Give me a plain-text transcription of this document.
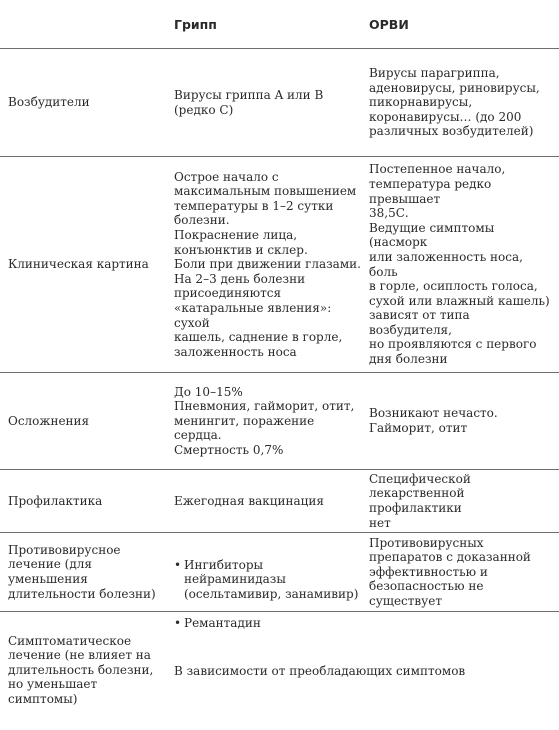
Грипп	ОРВИ
Возбудители
Вирусы гриппа A или B
(редко C)
Вирусы парагриппа,
аденовирусы, риновирусы,
пикорнавирусы,
коронавирусы… (до 200
различных возбудителей)
Клиническая картина
Острое начало с
максимальным повышением
температуры в 1–2 сутки
болезни.
Покраснение лица,
конъюнктив и склер.
Боли при движении глазами.
На 2–3 день болезни
присоединяются
«катаральные явления»: сухой
кашель, саднение в горле,
заложенность носа
Постепенное начало,
температура редко превышает
38,5С.
Ведущие симптомы (насморк
или заложенность носа, боль
в горле, осиплость голоса,
сухой или влажный кашель)
зависят от типа возбудителя,
но проявляются с первого
дня болезни
Осложнения
До 10–15%
Пневмония, гайморит, отит,
менингит, поражение сердца.
Смертность 0,7%
Возникают нечасто.
Гайморит, отит
Профилактика	Ежегодная вакцинация
Специфической
лекарственной профилактики
нет
Противовирусное
лечение (для уменьшения
длительности болезни)

• Ингибиторы нейраминидазы
(осельтамивир, занамивир)

• Ремантадин

Противовирусных
препаратов с доказанной
эффективностью и
безопасностью не существует
Симптоматическое
лечение (не влияет на
длительность болезни,
но уменьшает симптомы)
В зависимости от преобладающих симптомов
